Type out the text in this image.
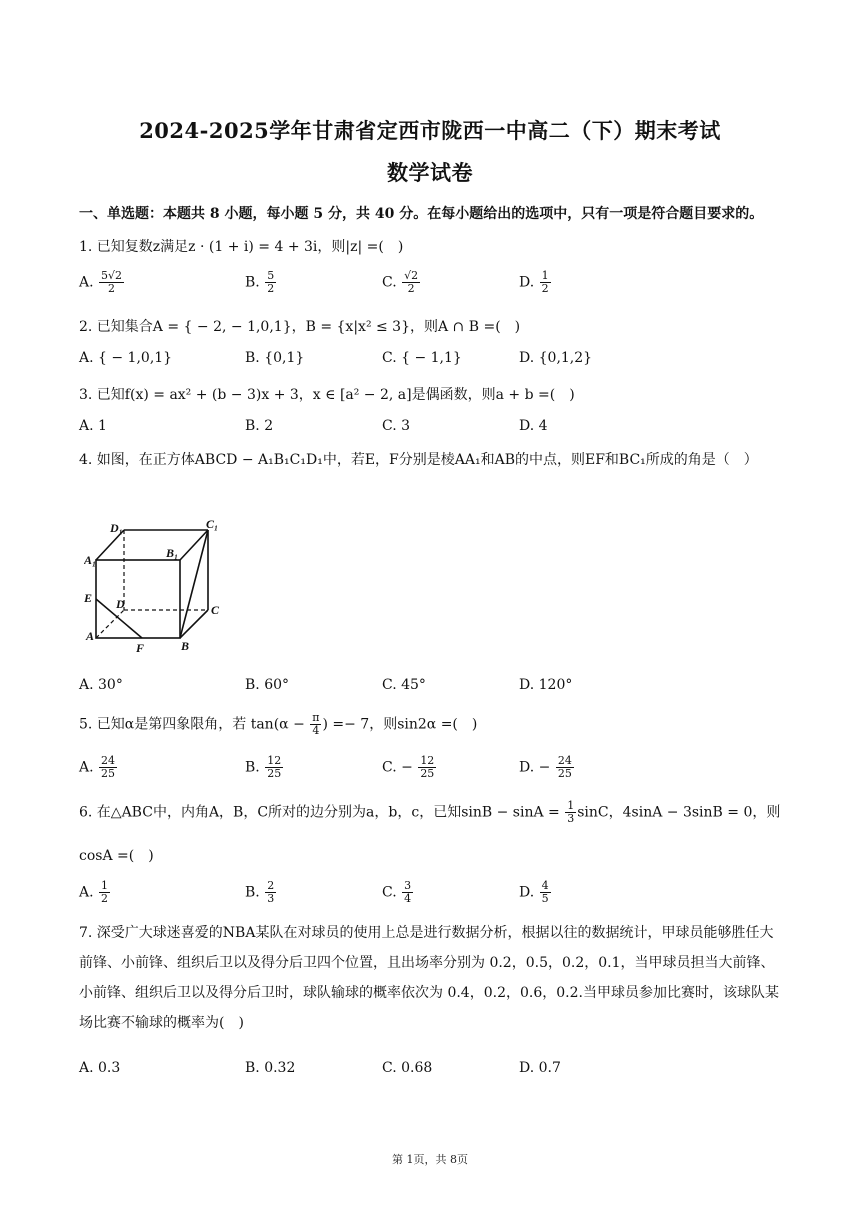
2024-2025学年甘肃省定西市陇西一中高二（下）期末考试
数学试卷
一、单选题：本题共 8 小题，每小题 5 分，共 40 分。在每小题给出的选项中，只有一项是符合题目要求的。
1. 已知复数z满足z · (1 + i) = 4 + 3i，则|z| =(　)
A. $\frac{5√2}{2}$	B. $\frac{5}{2}$	C. $\frac{√2}{2}$	D. $\frac{1}{2}$
2. 已知集合A = { − 2, − 1,0,1}，B = {x|x² ≤ 3}，则A ∩ B =(　)
A. { − 1,0,1}	B. {0,1}	C. { − 1,1}	D. {0,1,2}
3. 已知f(x) = ax² + (b − 3)x + 3，x ∈ [a² − 2, a]是偶函数，则a + b =(　)
A. 1	B. 2	C. 3	D. 4
4. 如图，在正方体ABCD − A₁B₁C₁D₁中，若E，F分别是棱AA₁和AB的中点，则EF和BC₁所成的角是（　）
D₁	C₁
A₁	B₁
E D	C
A
F	B
A. 30°	B. 60°	C. 45°	D. 120°
5. 已知α是第四象限角，若 $\tan(\alpha - \frac{\pi}{4}$ ) =− 7，则sin2α =(　)
A. $\frac{24}{25}$	B. $\frac{12}{25}$	C. − $\frac{12}{25}$	D. − $\frac{24}{25}$
6. 在△ABC中，内角A，B，C所对的边分别为a，b，c，已知$\sin B - \sin A = \frac{1}{3}$ sinC，4sinA − 3sinB = 0，则
cosA =(　)
A. $\frac{1}{2}$	B. $\frac{2}{3}$	C. $\frac{3}{4}$	D. $\frac{4}{5}$
7. 深受广大球迷喜爱的NBA某队在对球员的使用上总是进行数据分析，根据以往的数据统计，甲球员能够胜任大前锋、小前锋、组织后卫以及得分后卫四个位置，且出场率分别为 0.2，0.5，0.2，0.1，当甲球员担当大前锋、小前锋、组织后卫以及得分后卫时，球队输球的概率依次为 0.4，0.2，0.6，0.2.当甲球员参加比赛时，该球队某场比赛不输球的概率为(　)
A. 0.3	B. 0.32	C. 0.68	D. 0.7
第 1页，共 8页
